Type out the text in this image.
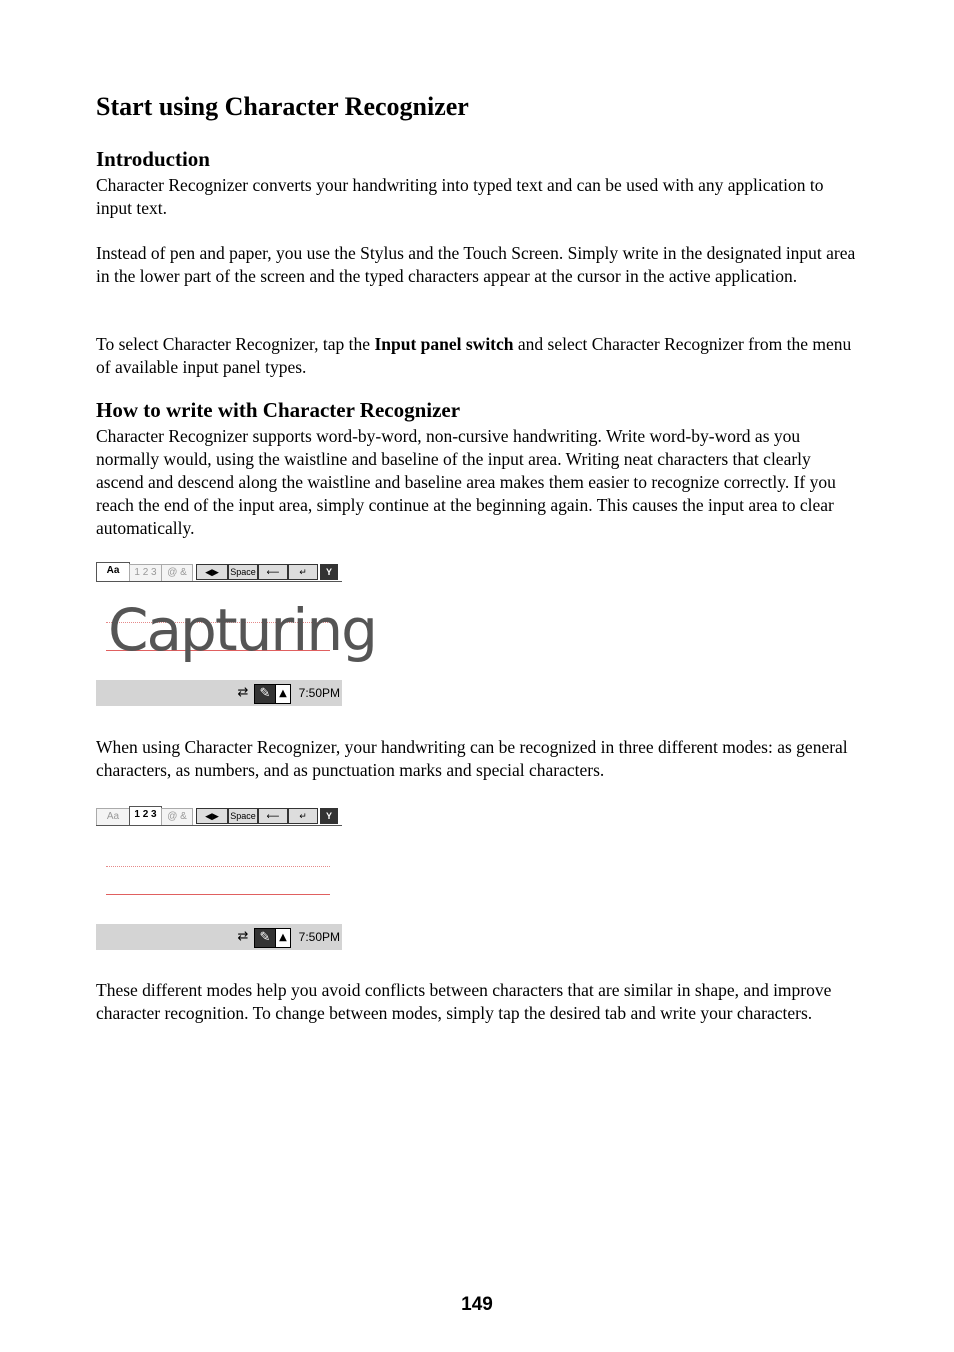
Start using Character Recognizer
Introduction

Character Recognizer converts your handwriting into typed text and can be used with any application to input text.

Instead of pen and paper, you use the Stylus and the Touch Screen. Simply write in the designated input area in the lower part of the screen and the typed characters appear at the cursor in the active application.

To select Character Recognizer, tap the Input panel switch and select Character Recognizer from the menu of available input panel types.

How to write with Character Recognizer

Character Recognizer supports word-by-word, non-cursive handwriting. Write word-by-word as you normally would, using the waistline and baseline of the input area. Writing neat characters that clearly ascend and descend along the waistline and baseline area makes them easier to recognize correctly. If you reach the end of the input area, simply continue at the beginning again. This causes the input area to clear automatically.

Aa	1 2 3	@ &	◀▶	Space	⟵	↵	Y
Capturing
⇄ ✎ ▲ 7:50PM

When using Character Recognizer, your handwriting can be recognized in three different modes: as general characters, as numbers, and as punctuation marks and special characters.

Aa	1 2 3	@ &	◀▶	Space	⟵	↵	Y
⇄ ✎ ▲ 7:50PM

These different modes help you avoid conflicts between characters that are similar in shape, and improve character recognition. To change between modes, simply tap the desired tab and write your characters.

149
